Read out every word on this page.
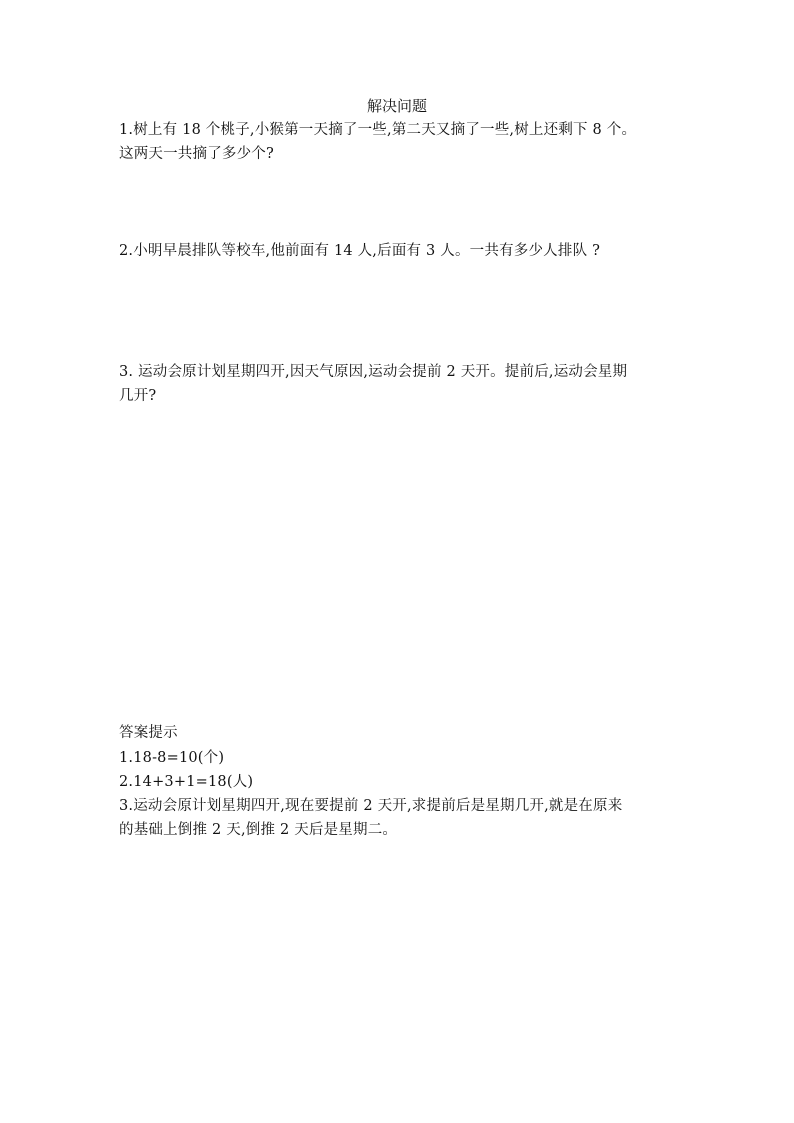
解决问题
1.树上有 18 个桃子,小猴第一天摘了一些,第二天又摘了一些,树上还剩下 8 个。
这两天一共摘了多少个?
2.小明早晨排队等校车,他前面有 14 人,后面有 3 人。一共有多少人排队 ?
3. 运动会原计划星期四开,因天气原因,运动会提前 2 天开。提前后,运动会星期
几开?
答案提示
1.18-8=10(个)
2.14+3+1=18(人)
3.运动会原计划星期四开,现在要提前 2 天开,求提前后是星期几开,就是在原来
的基础上倒推 2 天,倒推 2 天后是星期二。
